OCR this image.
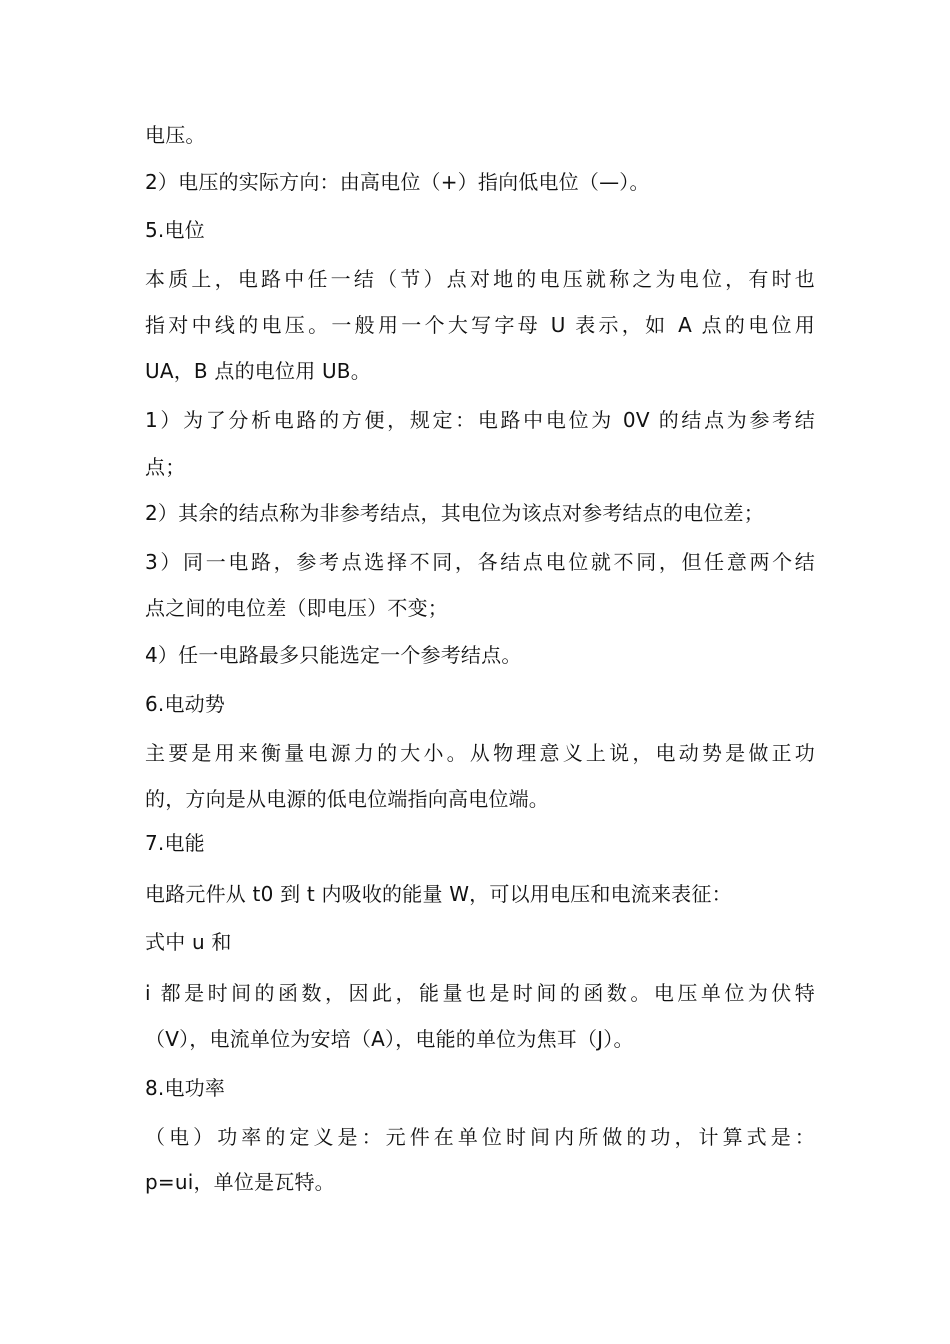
电压。
2）电压的实际方向：由高电位（+）指向低电位（—）。
5.电位
本质上，电路中任一结（节）点对地的电压就称之为电位，有时也
指对中线的电压。一般用一个大写字母 U 表示，如 A 点的电位用
UA，B 点的电位用 UB。
1）为了分析电路的方便，规定：电路中电位为 0V 的结点为参考结
点；
2）其余的结点称为非参考结点，其电位为该点对参考结点的电位差；
3）同一电路，参考点选择不同，各结点电位就不同，但任意两个结
点之间的电位差（即电压）不变；
4）任一电路最多只能选定一个参考结点。
6.电动势
主要是用来衡量电源力的大小。从物理意义上说，电动势是做正功
的，方向是从电源的低电位端指向高电位端。
7.电能
电路元件从 t0 到 t 内吸收的能量 W，可以用电压和电流来表征：
式中 u 和
i 都是时间的函数，因此，能量也是时间的函数。电压单位为伏特
（V），电流单位为安培（A），电能的单位为焦耳（J）。
8.电功率
（电）功率的定义是：元件在单位时间内所做的功，计算式是：
p=ui，单位是瓦特。
